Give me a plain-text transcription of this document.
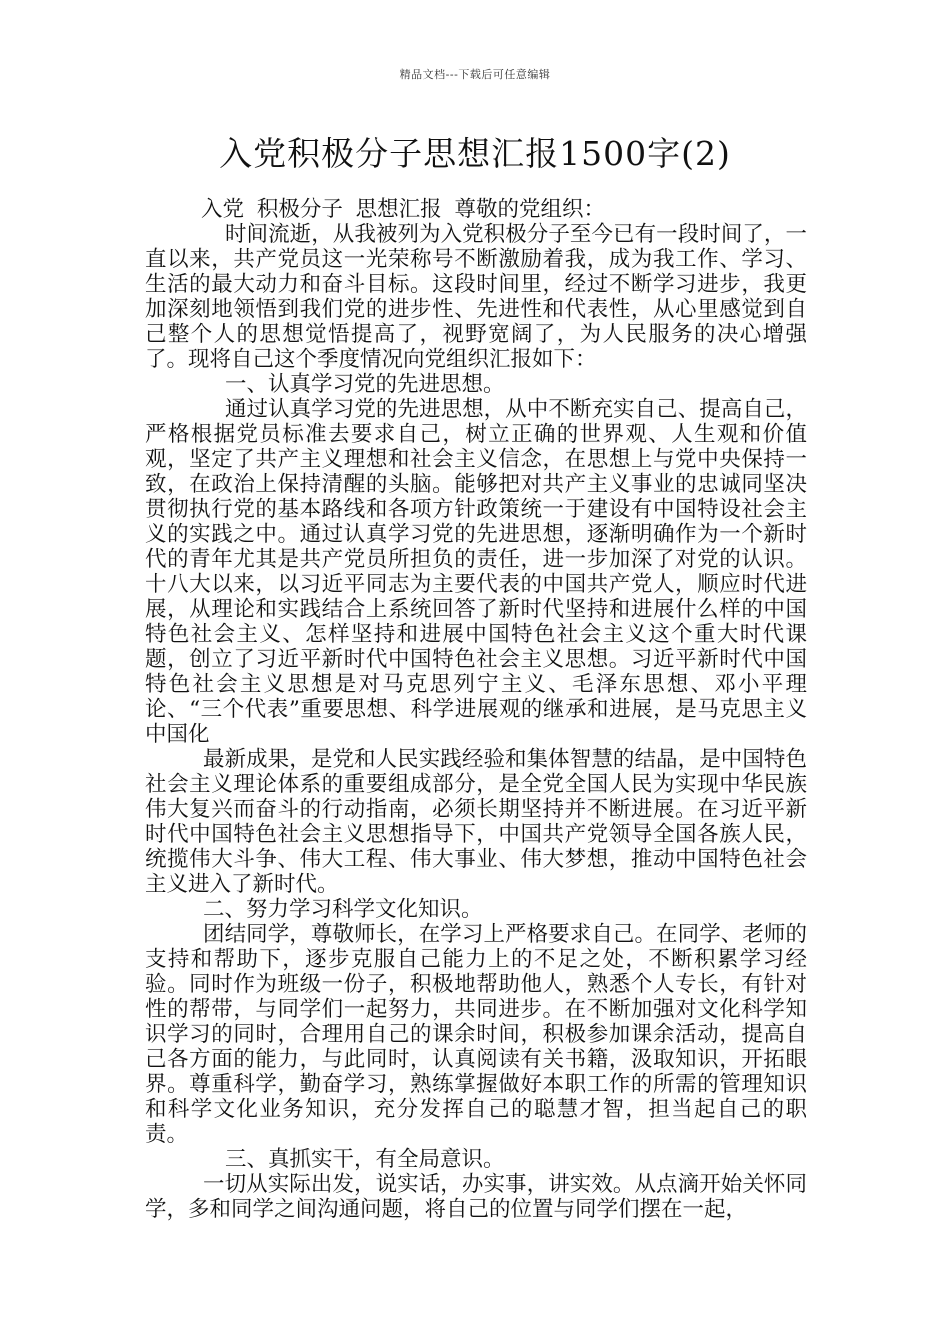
精品文档---下载后可任意编辑
入党积极分子思想汇报1500字(2)

入党 积极分子 思想汇报 尊敬的党组织：

时间流逝，从我被列为入党积极分子至今已有一段时间了，一直以来，共产党员这一光荣称号不断激励着我，成为我工作、学习、生活的最大动力和奋斗目标。这段时间里，经过不断学习进步，我更加深刻地领悟到我们党的进步性、先进性和代表性，从心里感觉到自己整个人的思想觉悟提高了，视野宽阔了，为人民服务的决心增强了。现将自己这个季度情况向党组织汇报如下：

一、认真学习党的先进思想。

通过认真学习党的先进思想，从中不断充实自己、提高自己，严格根据党员标准去要求自己，树立正确的世界观、人生观和价值观，坚定了共产主义理想和社会主义信念，在思想上与党中央保持一致，在政治上保持清醒的头脑。能够把对共产主义事业的忠诚同坚决贯彻执行党的基本路线和各项方针政策统一于建设有中国特设社会主义的实践之中。通过认真学习党的先进思想，逐渐明确作为一个新时代的青年尤其是共产党员所担负的责任，进一步加深了对党的认识。十八大以来，以习近平同志为主要代表的中国共产党人，顺应时代进展，从理论和实践结合上系统回答了新时代坚持和进展什么样的中国特色社会主义、怎样坚持和进展中国特色社会主义这个重大时代课题，创立了习近平新时代中国特色社会主义思想。习近平新时代中国特色社会主义思想是对马克思列宁主义、毛泽东思想、邓小平理论、“三个代表”重要思想、科学进展观的继承和进展，是马克思主义中国化

最新成果，是党和人民实践经验和集体智慧的结晶，是中国特色社会主义理论体系的重要组成部分，是全党全国人民为实现中华民族伟大复兴而奋斗的行动指南，必须长期坚持并不断进展。在习近平新时代中国特色社会主义思想指导下，中国共产党领导全国各族人民，统揽伟大斗争、伟大工程、伟大事业、伟大梦想，推动中国特色社会主义进入了新时代。

二、努力学习科学文化知识。

团结同学，尊敬师长，在学习上严格要求自己。在同学、老师的支持和帮助下，逐步克服自己能力上的不足之处，不断积累学习经验。同时作为班级一份子，积极地帮助他人，熟悉个人专长，有针对性的帮带，与同学们一起努力，共同进步。在不断加强对文化科学知识学习的同时，合理用自己的课余时间，积极参加课余活动，提高自己各方面的能力，与此同时，认真阅读有关书籍，汲取知识，开拓眼界。尊重科学，勤奋学习，熟练掌握做好本职工作的所需的管理知识和科学文化业务知识，充分发挥自己的聪慧才智，担当起自己的职责。

三、真抓实干，有全局意识。

一切从实际出发，说实话，办实事，讲实效。从点滴开始关怀同学，多和同学之间沟通问题，将自己的位置与同学们摆在一起，
